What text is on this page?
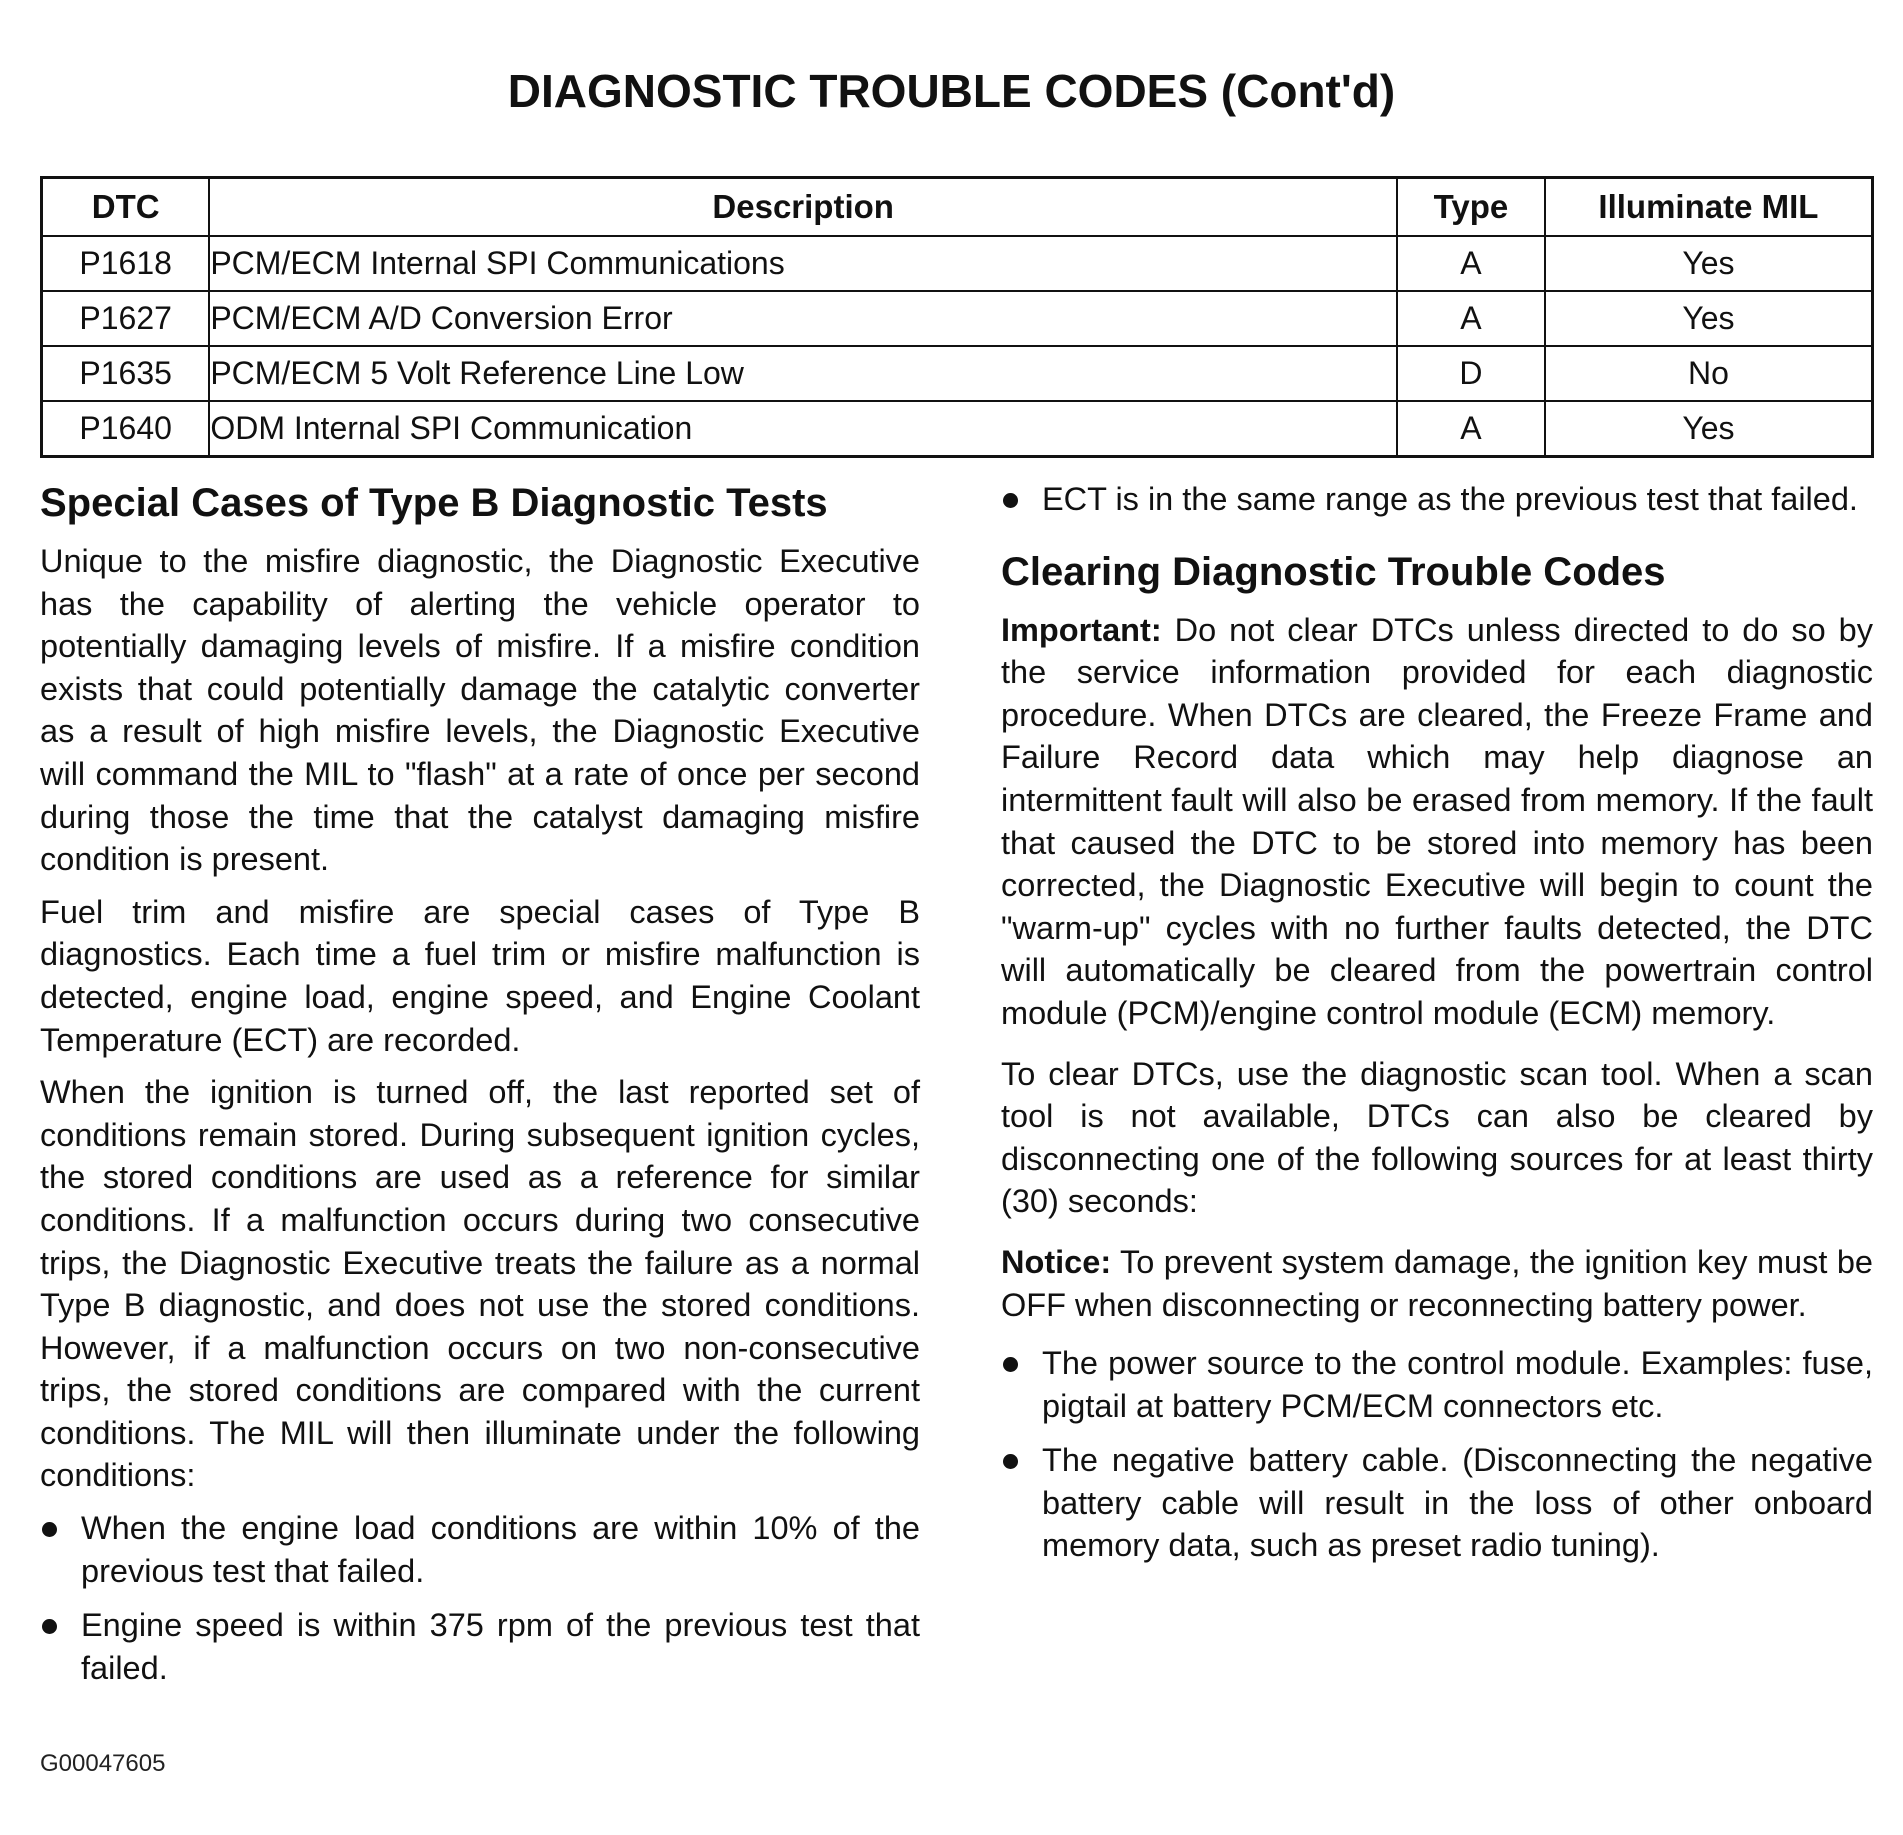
DIAGNOSTIC TROUBLE CODES (Cont'd)
DTC	Description	Type	Illuminate MIL
P1618	PCM/ECM Internal SPI Communications	A	Yes
P1627	PCM/ECM A/D Conversion Error	A	Yes
P1635	PCM/ECM 5 Volt Reference Line Low	D	No
P1640	ODM Internal SPI Communication	A	Yes
Special Cases of Type B Diagnostic Tests

Unique to the misfire diagnostic, the Diagnostic Executive has the capability of alerting the vehicle operator to potentially damaging levels of misfire. If a misfire condition exists that could potentially damage the catalytic converter as a result of high misfire levels, the Diagnostic Executive will command the MIL to "flash" at a rate of once per second during those the time that the catalyst damaging misfire condition is present.

Fuel trim and misfire are special cases of Type B diagnostics. Each time a fuel trim or misfire malfunction is detected, engine load, engine speed, and Engine Coolant Temperature (ECT) are recorded.

When the ignition is turned off, the last reported set of conditions remain stored. During subsequent ignition cycles, the stored conditions are used as a reference for similar conditions. If a malfunction occurs during two consecutive trips, the Diagnostic Executive treats the failure as a normal Type B diagnostic, and does not use the stored conditions. However, if a malfunction occurs on two non-consecutive trips, the stored conditions are compared with the current conditions. The MIL will then illuminate under the following conditions:

When the engine load conditions are within 10% of the previous test that failed.
Engine speed is within 375 rpm of the previous test that failed.
ECT is in the same range as the previous test that failed.
Clearing Diagnostic Trouble Codes

Important: Do not clear DTCs unless directed to do so by the service information provided for each diagnostic procedure. When DTCs are cleared, the Freeze Frame and Failure Record data which may help diagnose an intermittent fault will also be erased from memory. If the fault that caused the DTC to be stored into memory has been corrected, the Diagnostic Executive will begin to count the "warm-up" cycles with no further faults detected, the DTC will automatically be cleared from the powertrain control module (PCM)/engine control module (ECM) memory.

To clear DTCs, use the diagnostic scan tool. When a scan tool is not available, DTCs can also be cleared by disconnecting one of the following sources for at least thirty (30) seconds:

Notice: To prevent system damage, the ignition key must be OFF when disconnecting or reconnecting battery power.

The power source to the control module. Examples: fuse, pigtail at battery PCM/ECM connectors etc.
The negative battery cable. (Disconnecting the negative battery cable will result in the loss of other onboard memory data, such as preset radio tuning).
G00047605
